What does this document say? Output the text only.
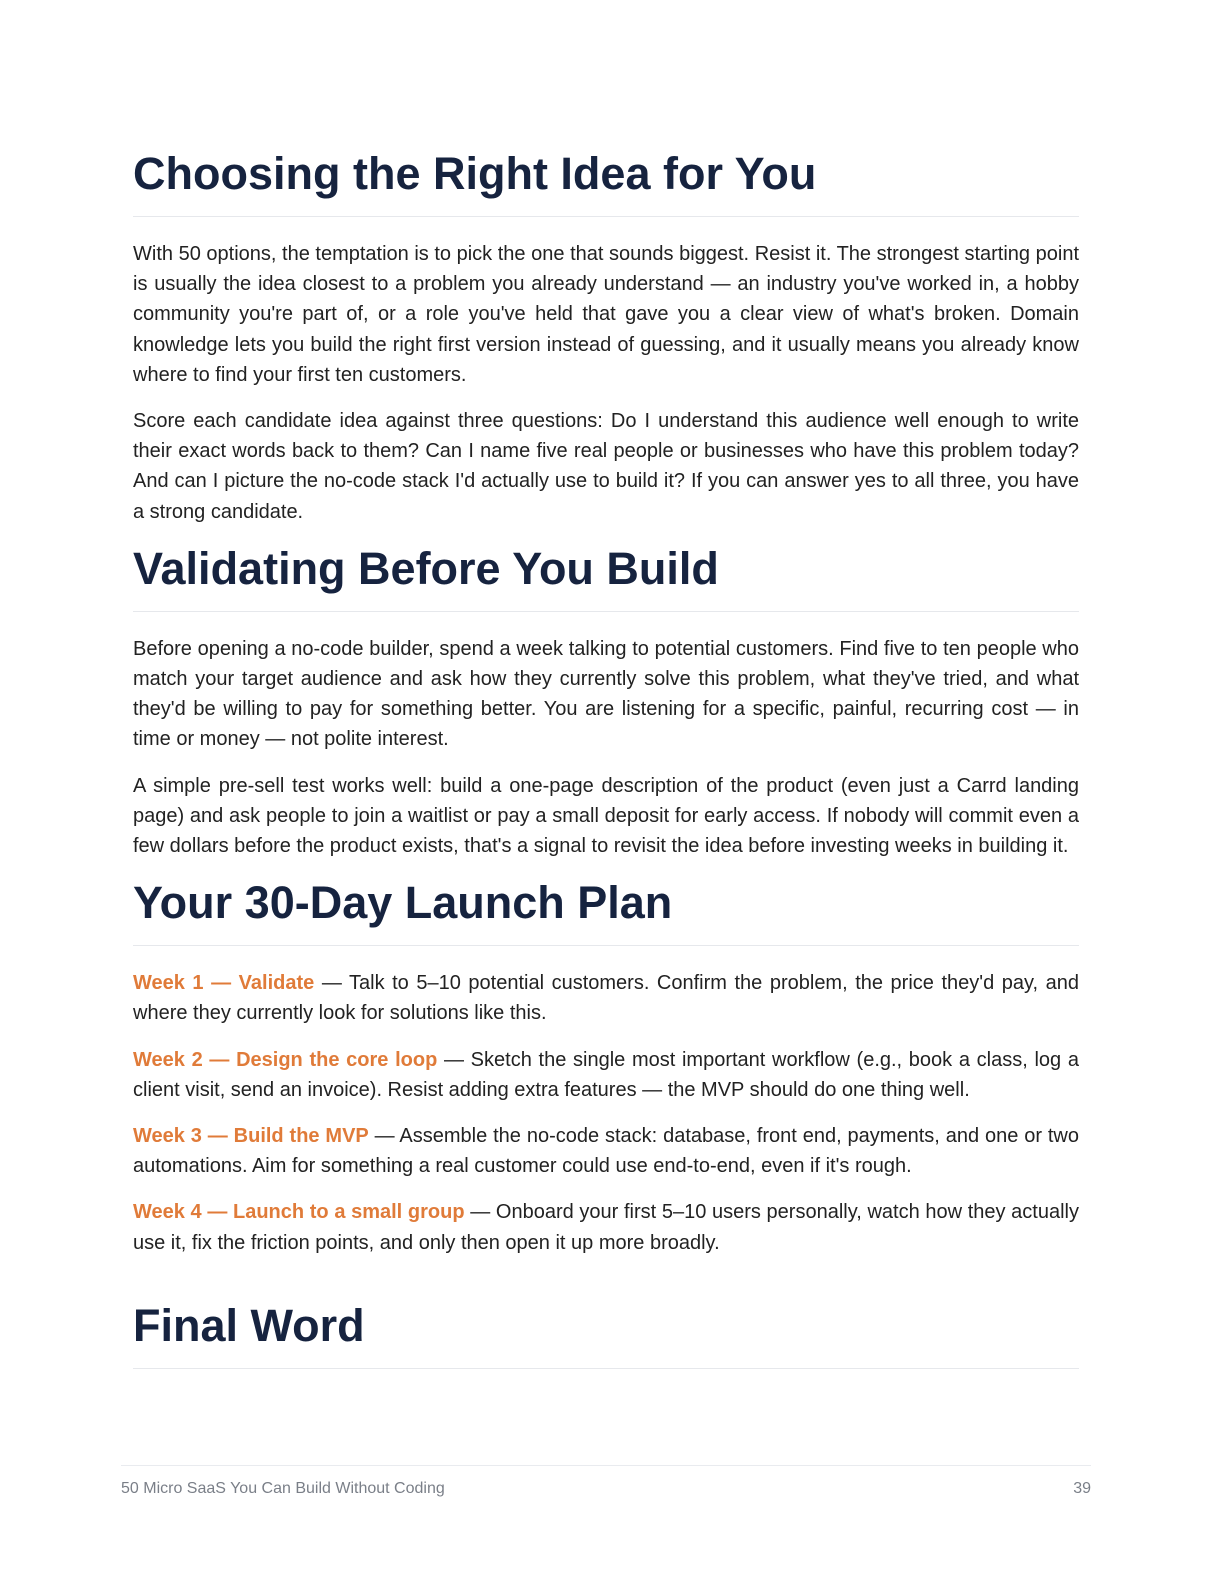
Choosing the Right Idea for You

With 50 options, the temptation is to pick the one that sounds biggest. Resist it. The strongest starting point is usually the idea closest to a problem you already understand — an industry you've worked in, a hobby community you're part of, or a role you've held that gave you a clear view of what's broken. Domain knowledge lets you build the right first version instead of guessing, and it usually means you already know where to find your first ten customers.

Score each candidate idea against three questions: Do I understand this audience well enough to write their exact words back to them? Can I name five real people or businesses who have this problem today? And can I picture the no-code stack I'd actually use to build it? If you can answer yes to all three, you have a strong candidate.

Validating Before You Build

Before opening a no-code builder, spend a week talking to potential customers. Find five to ten people who match your target audience and ask how they currently solve this problem, what they've tried, and what they'd be willing to pay for something better. You are listening for a specific, painful, recurring cost — in time or money — not polite interest.

A simple pre-sell test works well: build a one-page description of the product (even just a Carrd landing page) and ask people to join a waitlist or pay a small deposit for early access. If nobody will commit even a few dollars before the product exists, that's a signal to revisit the idea before investing weeks in building it.

Your 30-Day Launch Plan

Week 1 — Validate — Talk to 5–10 potential customers. Confirm the problem, the price they'd pay, and where they currently look for solutions like this.

Week 2 — Design the core loop — Sketch the single most important workflow (e.g., book a class, log a client visit, send an invoice). Resist adding extra features — the MVP should do one thing well.

Week 3 — Build the MVP — Assemble the no-code stack: database, front end, payments, and one or two automations. Aim for something a real customer could use end-to-end, even if it's rough.

Week 4 — Launch to a small group — Onboard your first 5–10 users personally, watch how they actually use it, fix the friction points, and only then open it up more broadly.

Final Word
50 Micro SaaS You Can Build Without Coding	39
